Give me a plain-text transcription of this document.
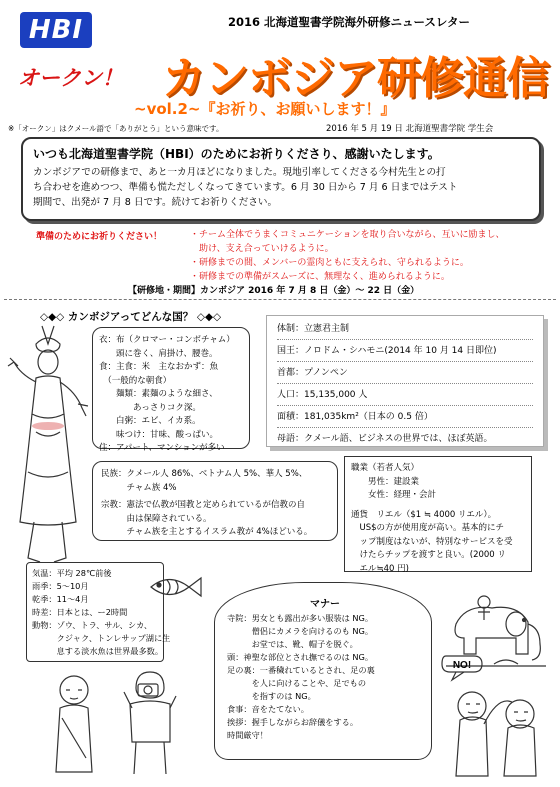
HBI	2016 北海道聖書学院海外研修ニュースレター
オークン！ カンボジア研修通信
~vol.2~『お祈り、お願いします！』
※「オークン」はクメール語で「ありがとう」という意味です。	2016 年 5 月 19 日 北海道聖書学院 学生会
いつも北海道聖書学院（HBI）のためにお祈りくださり、感謝いたします。
カンボジアでの研修まで、あと一カ月ほどになりました。現地引率してくださる今村先生との打
ち合わせを進めつつ、準備も慌ただしくなってきています。6 月 30 日から 7 月 6 日まではテスト
期間で、出発が 7 月 8 日です。続けてお祈りください。
準備のためにお祈りください！	・チーム全体でうまくコミュニケーションを取り合いながら、互いに励まし、
　助け、支え合っていけるように。
・研修までの間、メンバーの霊肉ともに支えられ、守られるように。
・研修までの準備がスムーズに、無理なく、進められるように。
【研修地・期間】カンボジア 2016 年 7 月 8 日（金）～ 22 日（金）
◇◆◇ カンボジアってどんな国？ ◇◆◇
衣：布（クロマー・コンボチャム）
　　頭に巻く、肩掛け、腰巻。
食：主食：米　主なおかず：魚
　（一般的な朝食）
　　麺類：素麺のような細さ、
　　　　あっさりコク深。
　　白粥：エビ、イカ系。
　　味つけ：甘味、酸っぱい。
住：アパート、マンションが多い
体制：立憲君主制
国王：ノロドム・シハモニ(2014 年 10 月 14 日即位)
首都：プノンペン
人口：15,135,000 人
面積：181,035km²（日本の 0.5 倍）
母語：クメール語、ビジネスの世界では、ほぼ英語。
民族：クメール人 86%、ベトナム人 5%、華人 5%、
　　　チャム族 4%
宗教：憲法で仏教が国教と定められているが信教の自
　　　由は保障されている。
　　　チャム族を主とするイスラム教が 4%ほどいる。
職業（若者人気）
　　男性：建設業
　　女性：経理・会計
通貨　リエル（$1 ≒ 4000 リエル）。
　US$の方が使用度が高い。基本的にチ
　ップ制度はないが、特別なサービスを受
　けたらチップを渡すと良い。(2000 リ
　エル≒40 円)
気温：平均 28℃前後
雨季：5～10月
乾季：11～4月
時差：日本とは、ー2時間
動物：ゾウ、トラ、サル、シカ、
　　　クジャク、トンレサップ湖に生
　　　息する淡水魚は世界最多数。
マナー
寺院：男女とも露出が多い服装は NG。
　　　僧侶にカメラを向けるのも NG。
　　　お堂では、靴、帽子を脱ぐ。
頭：神聖な部位とされ撫でるのは NG。
足の裏：一番穢れているとされ、足の裏
　　　を人に向けることや、足でもの
　　　を指すのは NG。
食事：音をたてない。
挨拶：握手しながらお辞儀をする。
時間厳守！
NO!
